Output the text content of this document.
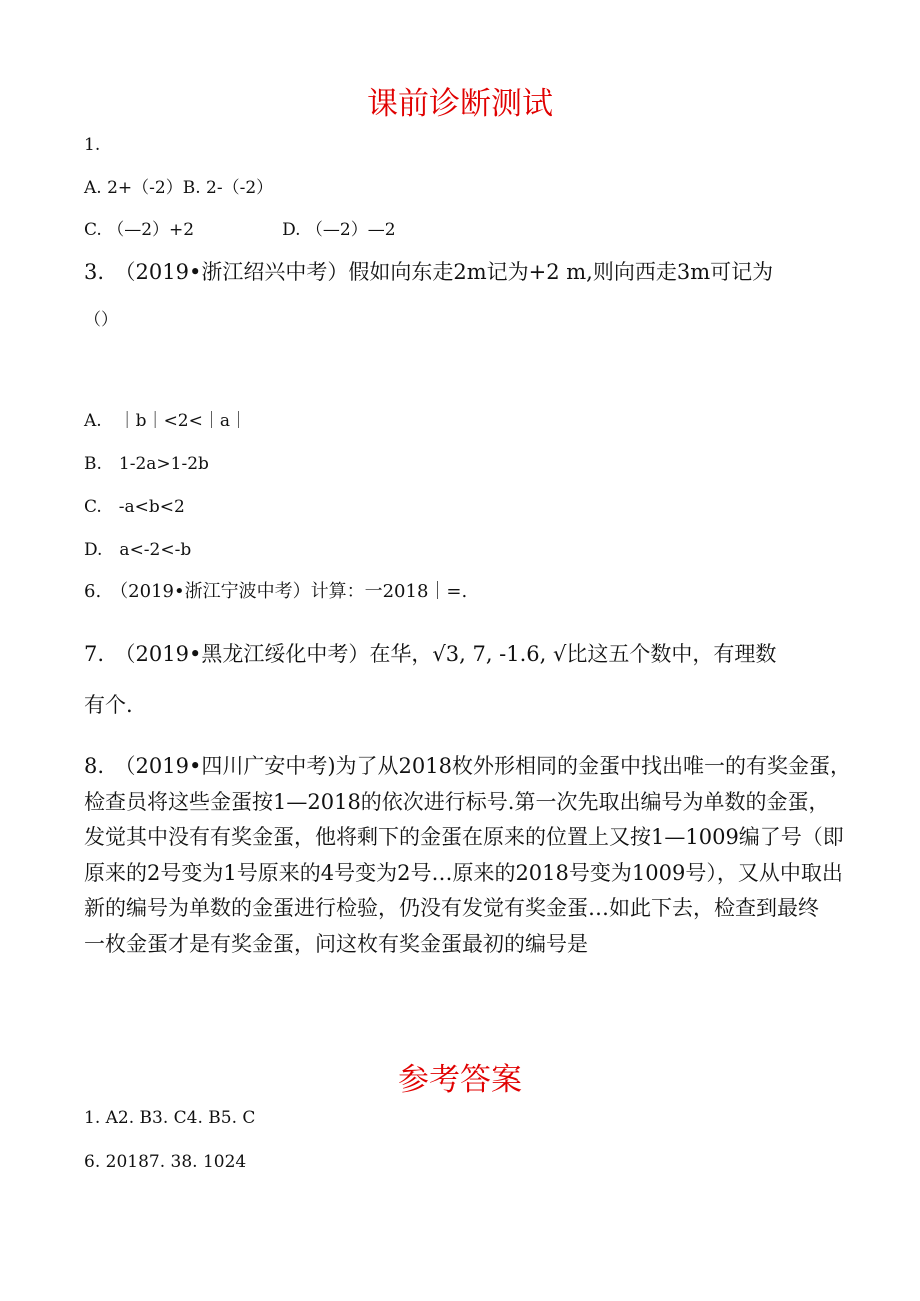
课前诊断测试
1.
A. 2+（-2）B. 2-（-2）
C. （—2）+2	D. （—2）—2
3.　（2019•浙江绍兴中考）假如向东走2m记为+2 m,则向西走3m可记为
（）
A.　｜b｜<2<｜a｜
B.　1-2a>1-2b
C.　-a<b<2
D.　a<-2<-b
6.　（2019•浙江宁波中考）计算：一2018｜=.
7.　（2019•黑龙江绥化中考）在华，√3, 7, -1.6, √比这五个数中，有理数
有个.
8.　（2019•四川广安中考)为了从2018枚外形相同的金蛋中找出唯一的有奖金蛋，
检查员将这些金蛋按1—2018的依次进行标号.第一次先取出编号为单数的金蛋，
发觉其中没有有奖金蛋，他将剩下的金蛋在原来的位置上又按1—1009编了号（即
原来的2号变为1号原来的4号变为2号…原来的2018号变为1009号），又从中取出
新的编号为单数的金蛋进行检验，仍没有发觉有奖金蛋…如此下去，检查到最终
一枚金蛋才是有奖金蛋，问这枚有奖金蛋最初的编号是
参考答案
1. A2. B3. C4. B5. C
6. 20187. 38. 1024
